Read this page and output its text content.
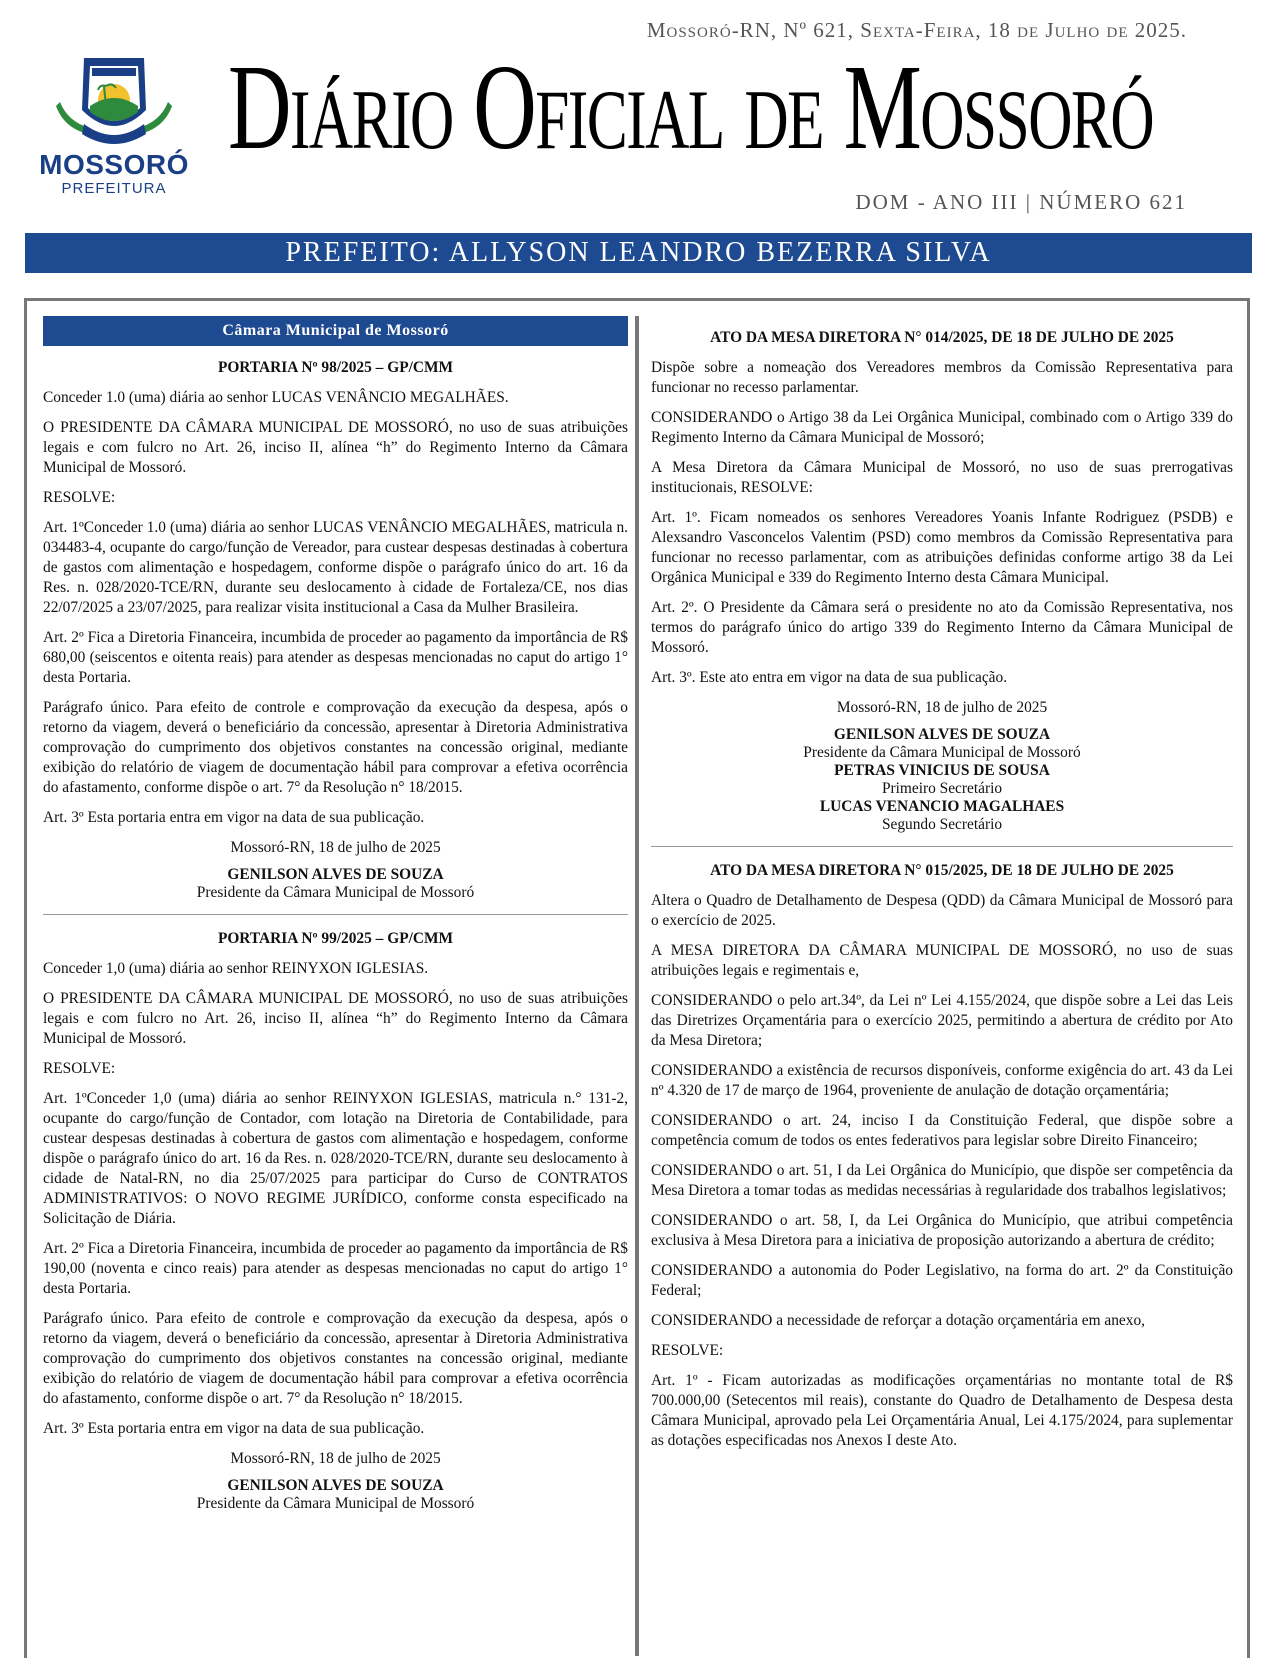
MOSSORÓ
PREFEITURA
Mossoró-RN, Nº 621, Sexta-Feira, 18 de Julho de 2025.
Diário Oficial de Mossoró
DOM - ANO III | NÚMERO 621
PREFEITO: ALLYSON LEANDRO BEZERRA SILVA
Câmara Municipal de Mossoró
PORTARIA Nº 98/2025 – GP/CMM

Conceder 1.0 (uma) diária ao senhor LUCAS VENÂNCIO MEGALHÃES.

O PRESIDENTE DA CÂMARA MUNICIPAL DE MOSSORÓ, no uso de suas atribuições legais e com fulcro no Art. 26, inciso II, alínea “h” do Regimento Interno da Câmara Municipal de Mossoró.

RESOLVE:

Art. 1ºConceder 1.0 (uma) diária ao senhor LUCAS VENÂNCIO MEGALHÃES, matricula n. 034483-4, ocupante do cargo/função de Vereador, para custear despesas destinadas à cobertura de gastos com alimentação e hospedagem, conforme dispõe o parágrafo único do art. 16 da Res. n. 028/2020-TCE/RN, durante seu deslocamento à cidade de Fortaleza/CE, nos dias 22/07/2025 a 23/07/2025, para realizar visita institucional a Casa da Mulher Brasileira.

Art. 2º Fica a Diretoria Financeira, incumbida de proceder ao pagamento da importância de R$ 680,00 (seiscentos e oitenta reais) para atender as despesas mencionadas no caput do artigo 1° desta Portaria.

Parágrafo único. Para efeito de controle e comprovação da execução da despesa, após o retorno da viagem, deverá o beneficiário da concessão, apresentar à Diretoria Administrativa comprovação do cumprimento dos objetivos constantes na concessão original, mediante exibição do relatório de viagem de documentação hábil para comprovar a efetiva ocorrência do afastamento, conforme dispõe o art. 7° da Resolução n° 18/2015.

Art. 3º Esta portaria entra em vigor na data de sua publicação.

Mossoró-RN, 18 de julho de 2025
GENILSON ALVES DE SOUZA
Presidente da Câmara Municipal de Mossoró
PORTARIA Nº 99/2025 – GP/CMM

Conceder 1,0 (uma) diária ao senhor REINYXON IGLESIAS.

O PRESIDENTE DA CÂMARA MUNICIPAL DE MOSSORÓ, no uso de suas atribuições legais e com fulcro no Art. 26, inciso II, alínea “h” do Regimento Interno da Câmara Municipal de Mossoró.

RESOLVE:

Art. 1ºConceder 1,0 (uma) diária ao senhor REINYXON IGLESIAS, matricula n.° 131-2, ocupante do cargo/função de Contador, com lotação na Diretoria de Contabilidade, para custear despesas destinadas à cobertura de gastos com alimentação e hospedagem, conforme dispõe o parágrafo único do art. 16 da Res. n. 028/2020-TCE/RN, durante seu deslocamento à cidade de Natal-RN, no dia 25/07/2025 para participar do Curso de CONTRATOS ADMINISTRATIVOS: O NOVO REGIME JURÍDICO, conforme consta especificado na Solicitação de Diária.

Art. 2º Fica a Diretoria Financeira, incumbida de proceder ao pagamento da importância de R$ 190,00 (noventa e cinco reais) para atender as despesas mencionadas no caput do artigo 1° desta Portaria.

Parágrafo único. Para efeito de controle e comprovação da execução da despesa, após o retorno da viagem, deverá o beneficiário da concessão, apresentar à Diretoria Administrativa comprovação do cumprimento dos objetivos constantes na concessão original, mediante exibição do relatório de viagem de documentação hábil para comprovar a efetiva ocorrência do afastamento, conforme dispõe o art. 7° da Resolução n° 18/2015.

Art. 3º Esta portaria entra em vigor na data de sua publicação.

Mossoró-RN, 18 de julho de 2025
GENILSON ALVES DE SOUZA
Presidente da Câmara Municipal de Mossoró
ATO DA MESA DIRETORA N° 014/2025, DE 18 DE JULHO DE 2025

Dispõe sobre a nomeação dos Vereadores membros da Comissão Representativa para funcionar no recesso parlamentar.

CONSIDERANDO o Artigo 38 da Lei Orgânica Municipal, combinado com o Artigo 339 do Regimento Interno da Câmara Municipal de Mossoró;

A Mesa Diretora da Câmara Municipal de Mossoró, no uso de suas prerrogativas institucionais, RESOLVE:

Art. 1º. Ficam nomeados os senhores Vereadores Yoanis Infante Rodriguez (PSDB) e Alexsandro Vasconcelos Valentim (PSD) como membros da Comissão Representativa para funcionar no recesso parlamentar, com as atribuições definidas conforme artigo 38 da Lei Orgânica Municipal e 339 do Regimento Interno desta Câmara Municipal.

Art. 2º. O Presidente da Câmara será o presidente no ato da Comissão Representativa, nos termos do parágrafo único do artigo 339 do Regimento Interno da Câmara Municipal de Mossoró.

Art. 3º. Este ato entra em vigor na data de sua publicação.

Mossoró-RN, 18 de julho de 2025
GENILSON ALVES DE SOUZA
Presidente da Câmara Municipal de Mossoró
PETRAS VINICIUS DE SOUSA
Primeiro Secretário
LUCAS VENANCIO MAGALHAES
Segundo Secretário
ATO DA MESA DIRETORA N° 015/2025, DE 18 DE JULHO DE 2025

Altera o Quadro de Detalhamento de Despesa (QDD) da Câmara Municipal de Mossoró para o exercício de 2025.

A MESA DIRETORA DA CÂMARA MUNICIPAL DE MOSSORÓ, no uso de suas atribuições legais e regimentais e,

CONSIDERANDO o pelo art.34º, da Lei nº Lei 4.155/2024, que dispõe sobre a Lei das Leis das Diretrizes Orçamentária para o exercício 2025, permitindo a abertura de crédito por Ato da Mesa Diretora;

CONSIDERANDO a existência de recursos disponíveis, conforme exigência do art. 43 da Lei nº 4.320 de 17 de março de 1964, proveniente de anulação de dotação orçamentária;

CONSIDERANDO o art. 24, inciso I da Constituição Federal, que dispõe sobre a competência comum de todos os entes federativos para legislar sobre Direito Financeiro;

CONSIDERANDO o art. 51, I da Lei Orgânica do Município, que dispõe ser competência da Mesa Diretora a tomar todas as medidas necessárias à regularidade dos trabalhos legislativos;

CONSIDERANDO o art. 58, I, da Lei Orgânica do Município, que atribui competência exclusiva à Mesa Diretora para a iniciativa de proposição autorizando a abertura de crédito;

CONSIDERANDO a autonomia do Poder Legislativo, na forma do art. 2º da Constituição Federal;

CONSIDERANDO a necessidade de reforçar a dotação orçamentária em anexo,

RESOLVE:

Art. 1º - Ficam autorizadas as modificações orçamentárias no montante total de R$ 700.000,00 (Setecentos mil reais), constante do Quadro de Detalhamento de Despesa desta Câmara Municipal, aprovado pela Lei Orçamentária Anual, Lei 4.175/2024, para suplementar as dotações especificadas nos Anexos I deste Ato.
